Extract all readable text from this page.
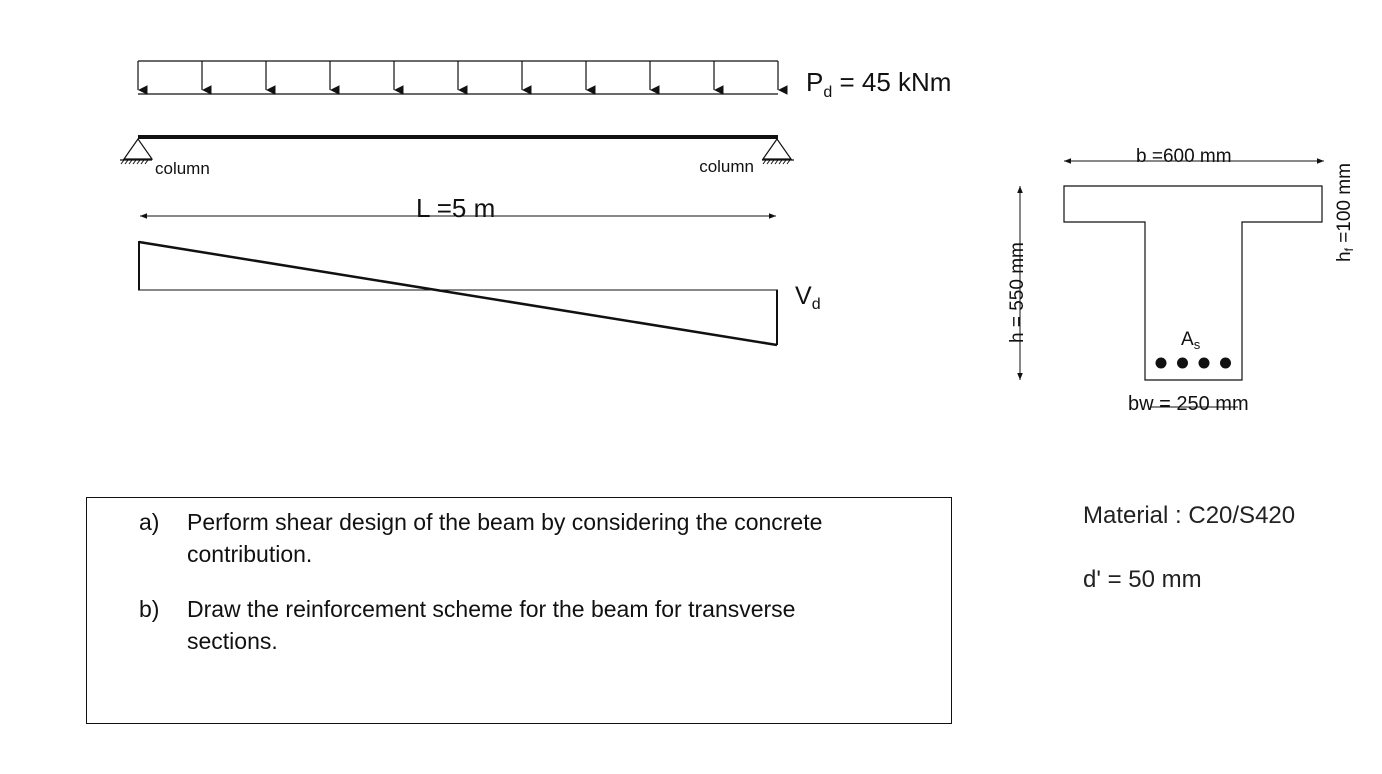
$P_d = 45$ kNm
column	column
L =5 m
$V_d$
b =600 mm
hf =100 mm
h = 550 mm	$A_s$
bw = 250 mm
a) Perform shear design of the beam by considering the concrete contribution.
b) Draw the reinforcement scheme for the beam for transverse sections.
Material : C20/S420
d' = 50 mm
